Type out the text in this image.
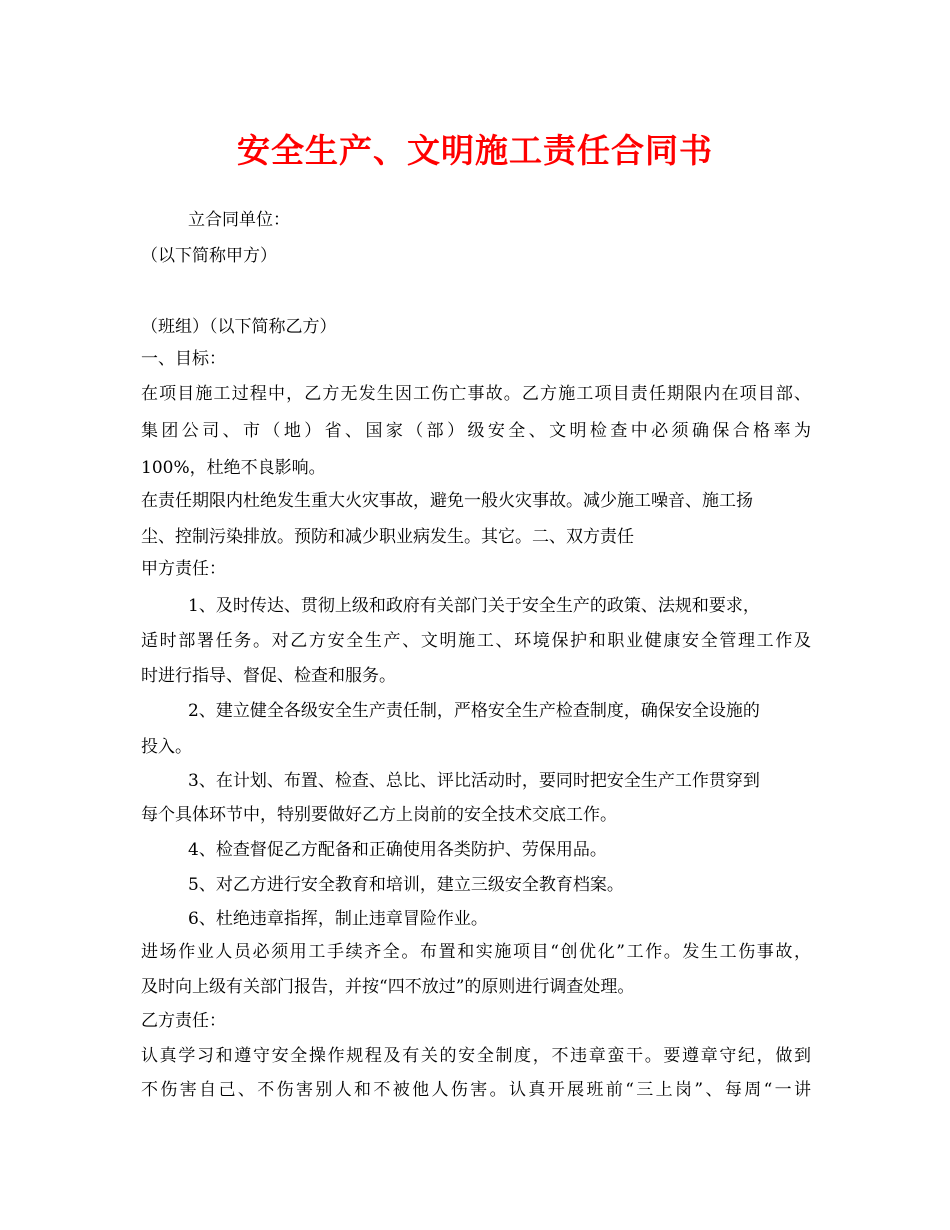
安全生产、文明施工责任合同书
立合同单位：
（以下简称甲方）
（班组）（以下简称乙方）
一、目标：
在项目施工过程中，乙方无发生因工伤亡事故。乙方施工项目责任期限内在项目部、
集团公司、市（地）省、国家（部）级安全、文明检查中必须确保合格率为
100%，杜绝不良影响。
在责任期限内杜绝发生重大火灾事故，避免一般火灾事故。减少施工噪音、施工扬
尘、控制污染排放。预防和减少职业病发生。其它。二、双方责任
甲方责任：
1、及时传达、贯彻上级和政府有关部门关于安全生产的政策、法规和要求，
适时部署任务。对乙方安全生产、文明施工、环境保护和职业健康安全管理工作及
时进行指导、督促、检查和服务。
2、建立健全各级安全生产责任制，严格安全生产检查制度，确保安全设施的
投入。
3、在计划、布置、检查、总比、评比活动时，要同时把安全生产工作贯穿到
每个具体环节中，特别要做好乙方上岗前的安全技术交底工作。
4、检查督促乙方配备和正确使用各类防护、劳保用品。
5、对乙方进行安全教育和培训，建立三级安全教育档案。
6、杜绝违章指挥，制止违章冒险作业。
进场作业人员必须用工手续齐全。布置和实施项目“创优化”工作。发生工伤事故，
及时向上级有关部门报告，并按“四不放过”的原则进行调查处理。
乙方责任：
认真学习和遵守安全操作规程及有关的安全制度，不违章蛮干。要遵章守纪，做到
不伤害自己、不伤害别人和不被他人伤害。认真开展班前“三上岗”、每周“一讲
